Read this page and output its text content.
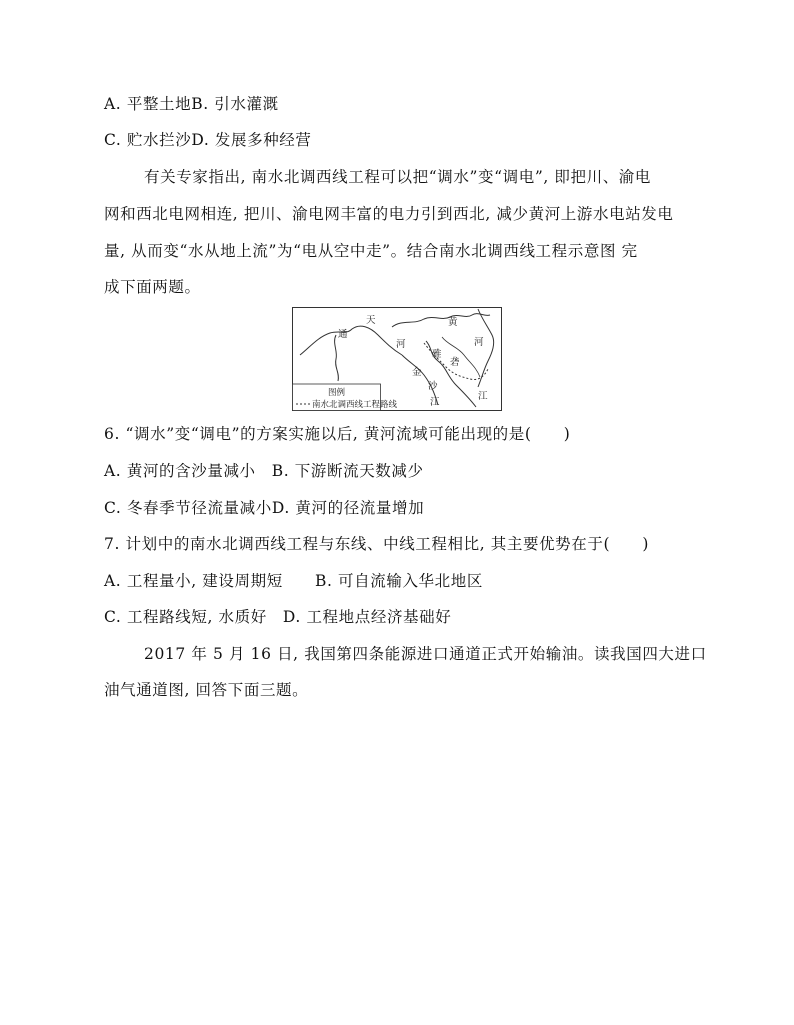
A. 平整土地B. 引水灌溉
C. 贮水拦沙D. 发展多种经营
有关专家指出, 南水北调西线工程可以把“调水”变“调电”, 即把川、渝电
网和西北电网相连, 把川、渝电网丰富的电力引到西北, 减少黄河上游水电站发电
量, 从而变“水从地上流”为“电从空中走”。结合南水北调西线工程示意图 完
成下面两题。
天
通
河
黄
河
雅
砻
金
沙
江
江
图例
南水北调西线工程路线
6. “调水”变“调电”的方案实施以后, 黄河流域可能出现的是(　　)
A. 黄河的含沙量减小　B. 下游断流天数减少
C. 冬春季节径流量减小D. 黄河的径流量增加
7. 计划中的南水北调西线工程与东线、中线工程相比, 其主要优势在于(　　)
A. 工程量小, 建设周期短　　B. 可自流输入华北地区
C. 工程路线短, 水质好　D. 工程地点经济基础好
2017 年 5 月 16 日, 我国第四条能源进口通道正式开始输油。读我国四大进口
油气通道图, 回答下面三题。
